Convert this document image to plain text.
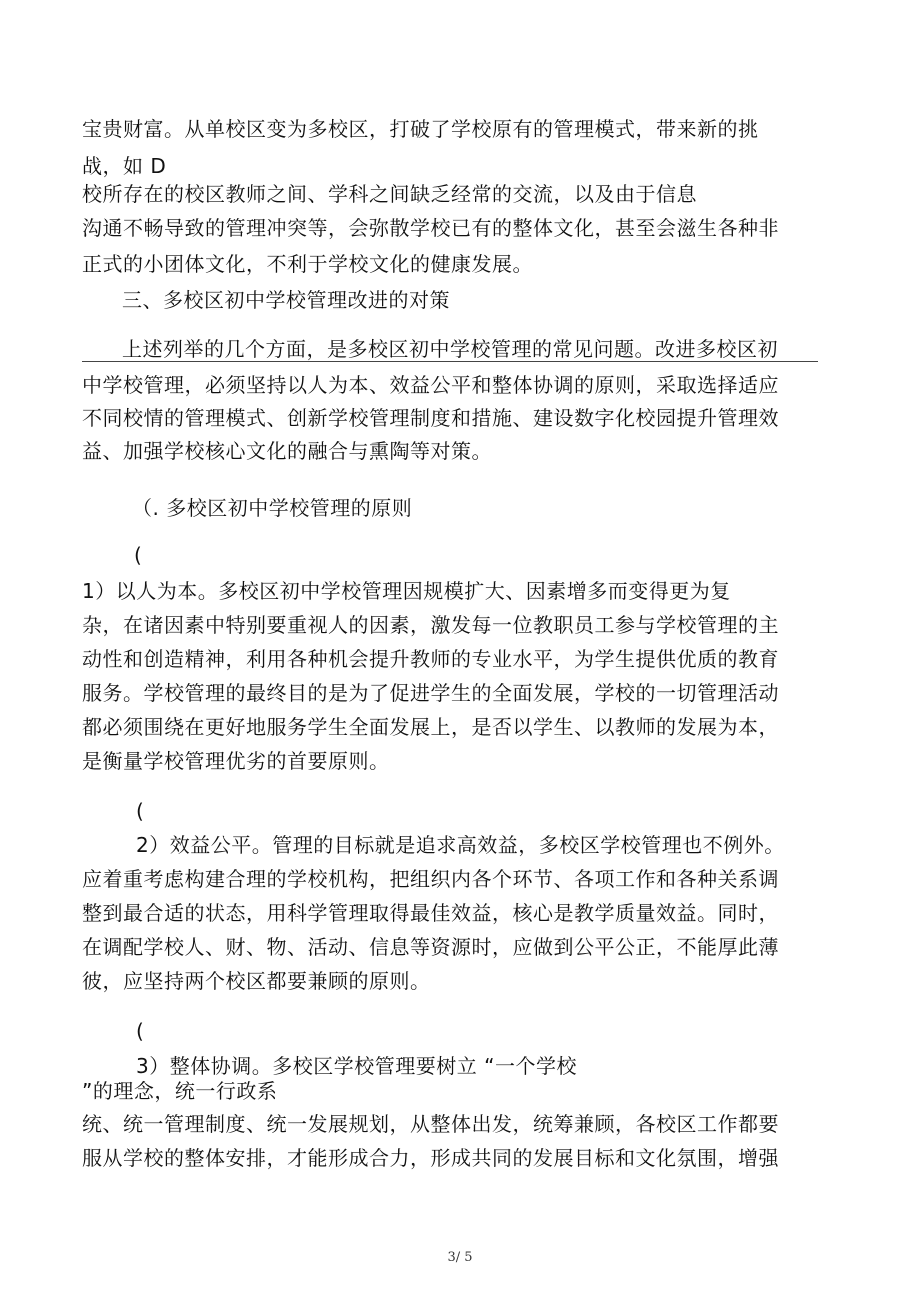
宝贵财富。从单校区变为多校区，打破了学校原有的管理模式，带来新的挑
战，如 D
校所存在的校区教师之间、学科之间缺乏经常的交流，以及由于信息
沟通不畅导致的管理冲突等，会弥散学校已有的整体文化，甚至会滋生各种非
正式的小团体文化，不利于学校文化的健康发展。
三、多校区初中学校管理改进的对策
上述列举的几个方面，是多校区初中学校管理的常见问题。改进多校区初
中学校管理，必须坚持以人为本、效益公平和整体协调的原则，采取选择适应
不同校情的管理模式、创新学校管理制度和措施、建设数字化校园提升管理效
益、加强学校核心文化的融合与熏陶等对策。
（. 多校区初中学校管理的原则
(
1）以人为本。多校区初中学校管理因规模扩大、因素增多而变得更为复
杂，在诸因素中特别要重视人的因素，激发每一位教职员工参与学校管理的主
动性和创造精神，利用各种机会提升教师的专业水平，为学生提供优质的教育
服务。学校管理的最终目的是为了促进学生的全面发展，学校的一切管理活动
都必须围绕在更好地服务学生全面发展上，是否以学生、以教师的发展为本，
是衡量学校管理优劣的首要原则。
(
2）效益公平。管理的目标就是追求高效益，多校区学校管理也不例外。
应着重考虑构建合理的学校机构，把组织内各个环节、各项工作和各种关系调
整到最合适的状态，用科学管理取得最佳效益，核心是教学质量效益。同时，
在调配学校人、财、物、活动、信息等资源时，应做到公平公正，不能厚此薄
彼，应坚持两个校区都要兼顾的原则。
(
3）整体协调。多校区学校管理要树立 “一个学校
”的理念，统一行政系
统、统一管理制度、统一发展规划，从整体出发，统筹兼顾，各校区工作都要
服从学校的整体安排，才能形成合力，形成共同的发展目标和文化氛围，增强
3/ 5
